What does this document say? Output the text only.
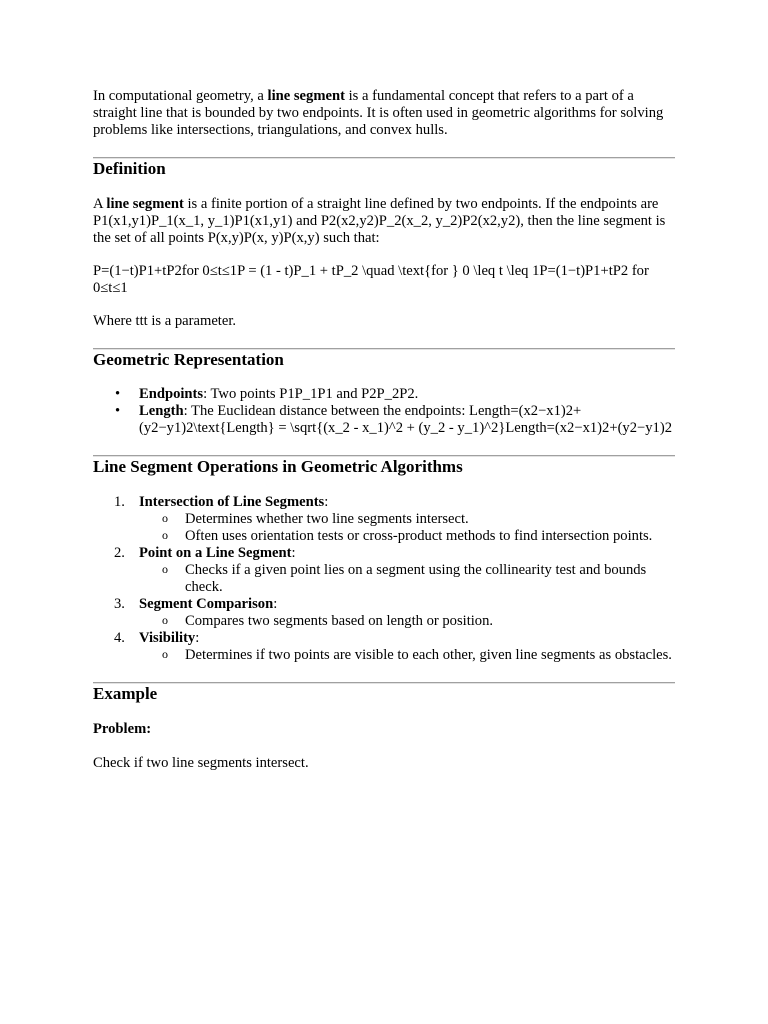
In computational geometry, a line segment is a fundamental concept that refers to a part of a straight line that is bounded by two endpoints. It is often used in geometric algorithms for solving problems like intersections, triangulations, and convex hulls.

Definition

A line segment is a finite portion of a straight line defined by two endpoints. If the endpoints are P1(x1,y1)P_1(x_1, y_1)P1(x1,y1) and P2(x2,y2)P_2(x_2, y_2)P2(x2,y2), then the line segment is the set of all points P(x,y)P(x, y)P(x,y) such that:

P=(1−t)P1+tP2for 0≤t≤1P = (1 - t)P_1 + tP_2 \quad \text{for } 0 \leq t \leq 1P=(1−t)P1+tP2 for 0≤t≤1

Where ttt is a parameter.

Geometric Representation
• Endpoints: Two points P1P_1P1 and P2P_2P2.
• Length: The Euclidean distance between the endpoints: Length=(x2−x1)2+(y2−y1)2\text{Length} = \sqrt{(x_2 - x_1)^2 + (y_2 - y_1)^2}Length=(x2−x1)2+(y2−y1)2
Line Segment Operations in Geometric Algorithms
1. Intersection of Line Segments:
o Determines whether two line segments intersect.
o Often uses orientation tests or cross-product methods to find intersection points.
2. Point on a Line Segment:
o Checks if a given point lies on a segment using the collinearity test and bounds check.
3. Segment Comparison:
o Compares two segments based on length or position.
4. Visibility:
o Determines if two points are visible to each other, given line segments as obstacles.
Example

Problem:

Check if two line segments intersect.
